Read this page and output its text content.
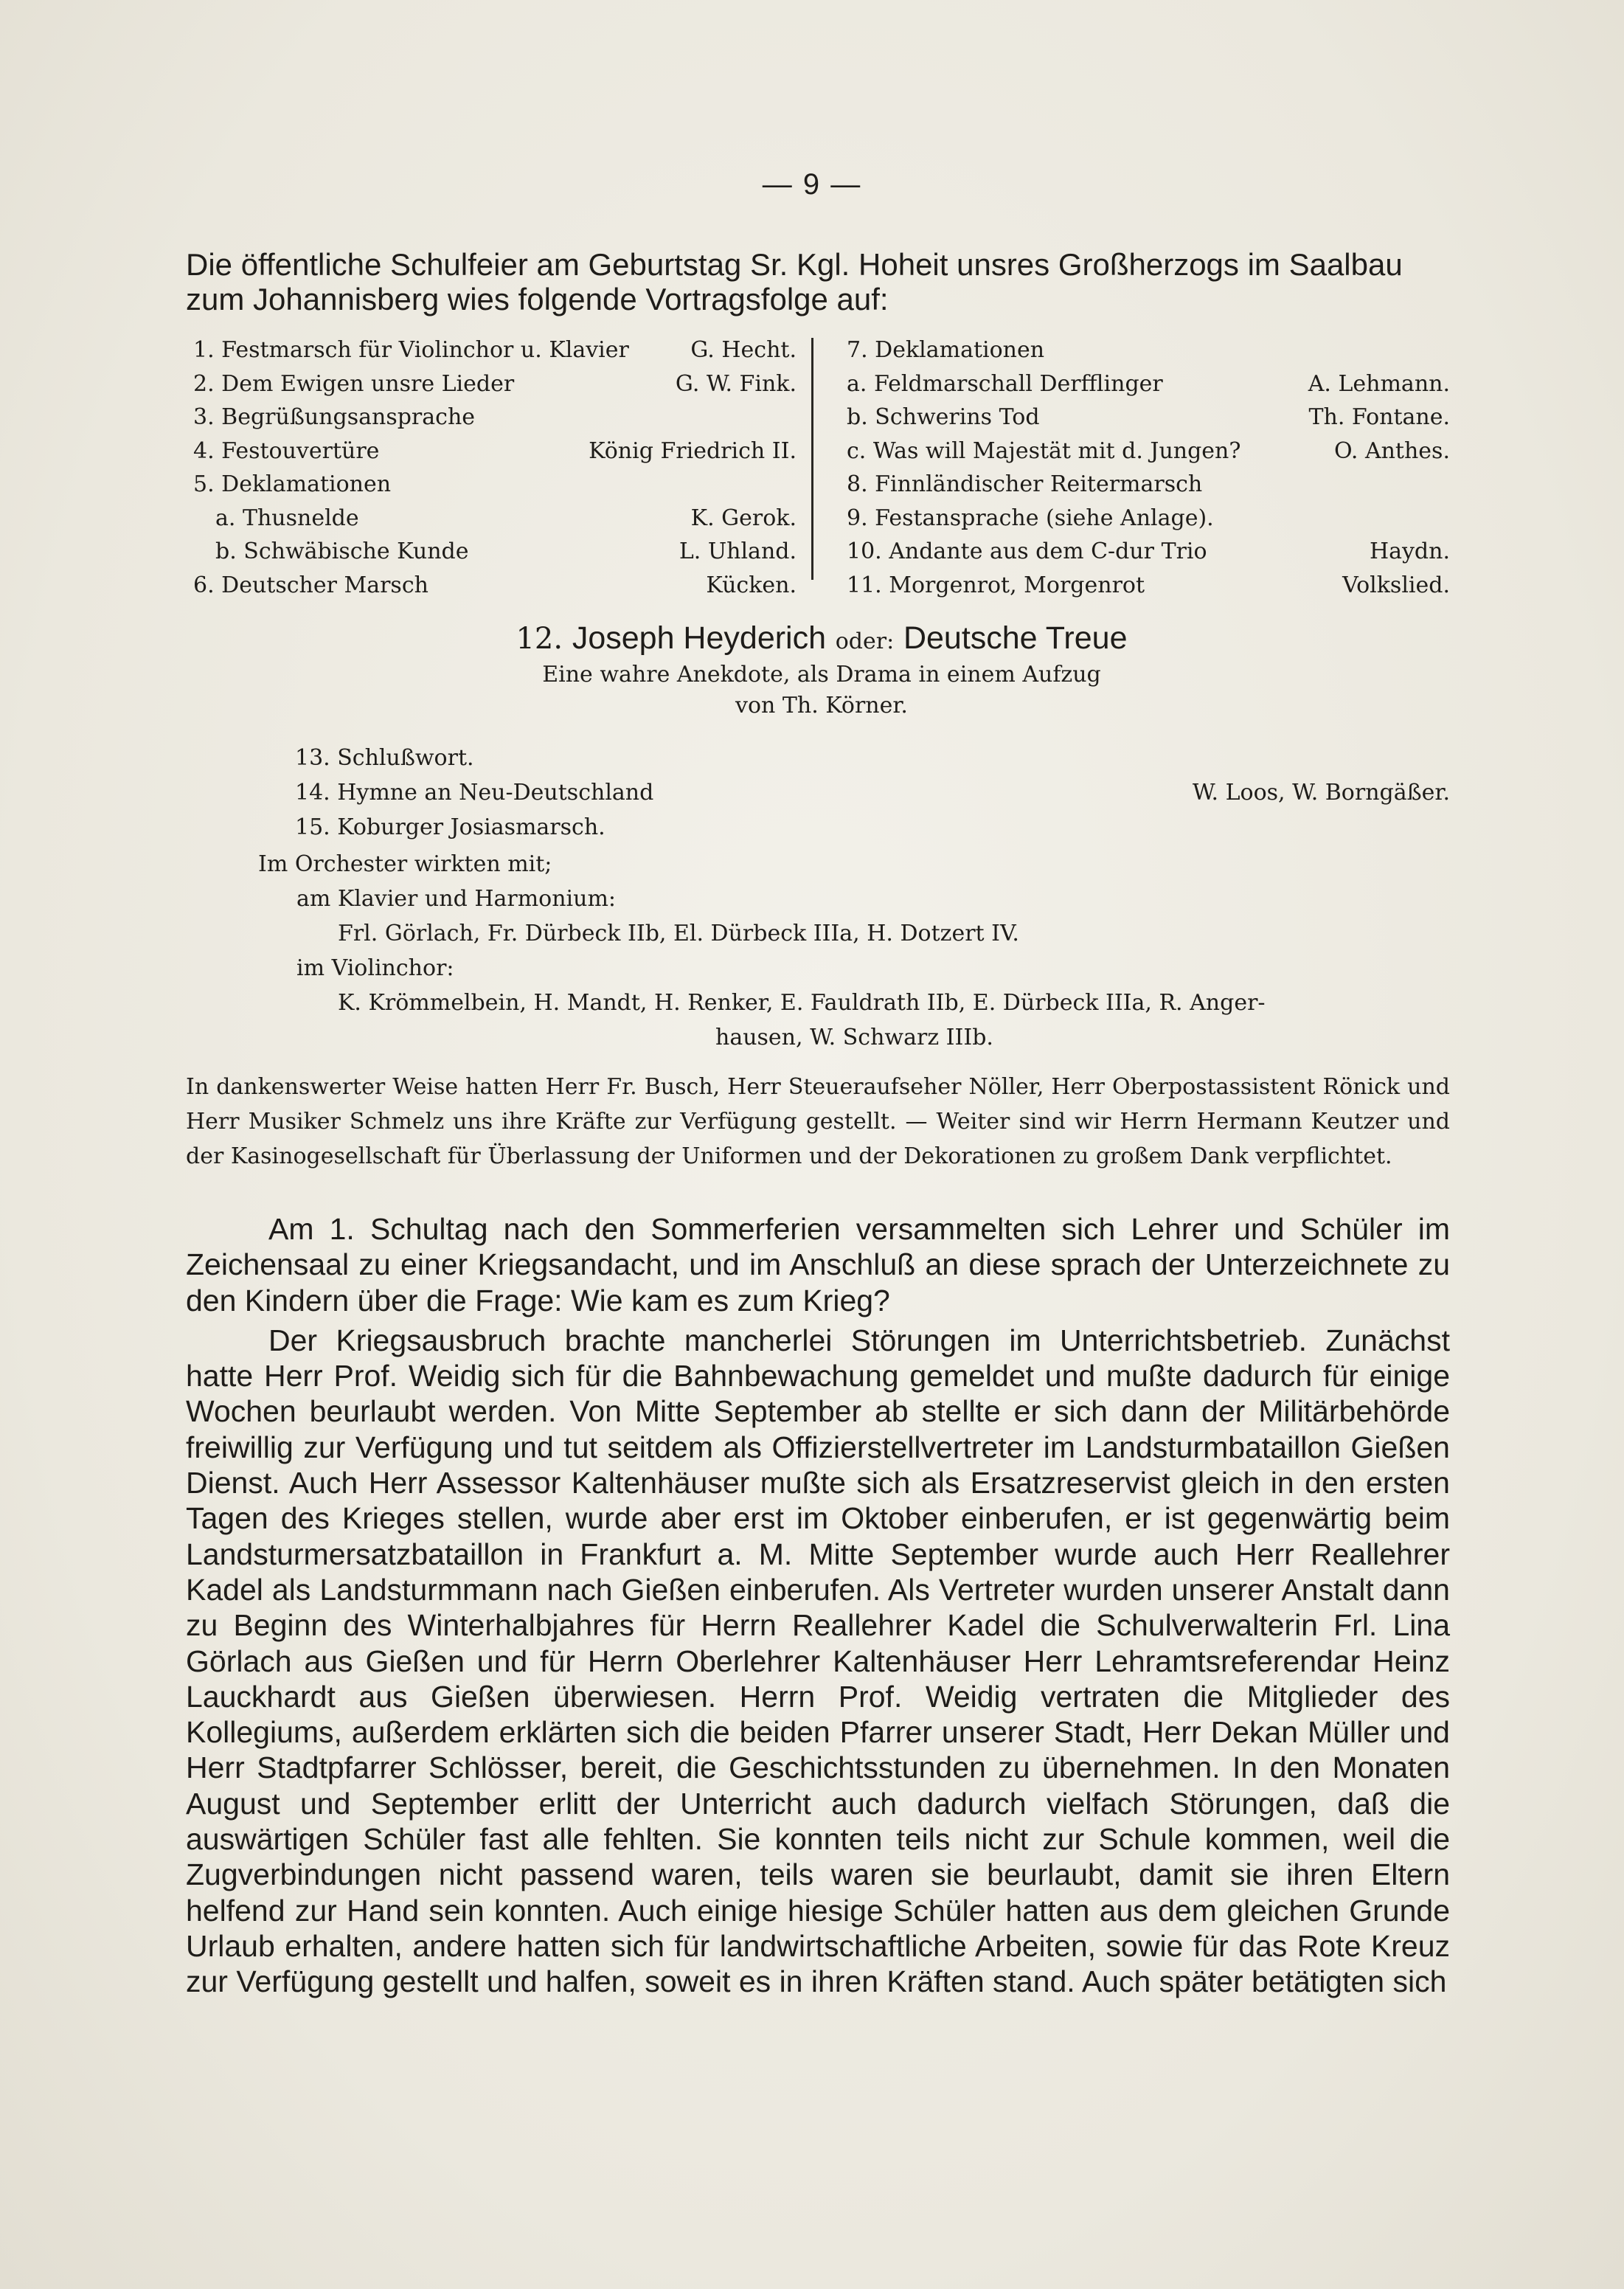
— 9 —
Die öffentliche Schulfeier am Geburtstag Sr. Kgl. Hoheit unsres Großherzogs im Saalbau zum Johannisberg wies folgende Vortragsfolge auf:
1. Festmarsch für Violinchor u. Klavier	G. Hecht.
2. Dem Ewigen unsre Lieder	G. W. Fink.
3. Begrüßungsansprache
4. Festouvertüre	König Friedrich II.
5. Deklamationen
a. Thusnelde	K. Gerok.
b. Schwäbische Kunde	L. Uhland.
6. Deutscher Marsch	Kücken.
7. Deklamationen
a. Feldmarschall Derfflinger	A. Lehmann.
b. Schwerins Tod	Th. Fontane.
c. Was will Majestät mit d. Jungen?	O. Anthes.
8. Finnländischer Reitermarsch
9. Festansprache (siehe Anlage).
10. Andante aus dem C-dur Trio	Haydn.
11. Morgenrot, Morgenrot	Volkslied.
12. Joseph Heyderich oder: Deutsche Treue
Eine wahre Anekdote, als Drama in einem Aufzug
von Th. Körner.
13. Schlußwort.
14. Hymne an Neu-Deutschland	W. Loos, W. Borngäßer.
15. Koburger Josiasmarsch.
Im Orchester wirkten mit;
am Klavier und Harmonium:
Frl. Görlach, Fr. Dürbeck IIb, El. Dürbeck IIIa, H. Dotzert IV.
im Violinchor:
K. Krömmelbein, H. Mandt, H. Renker, E. Fauldrath IIb, E. Dürbeck IIIa, R. Anger-
hausen, W. Schwarz IIIb.

In dankenswerter Weise hatten Herr Fr. Busch, Herr Steueraufseher Nöller, Herr Oberpostassistent Rönick und Herr Musiker Schmelz uns ihre Kräfte zur Verfügung gestellt. — Weiter sind wir Herrn Hermann Keutzer und der Kasinogesellschaft für Überlassung der Uniformen und der Dekorationen zu großem Dank verpflichtet.

Am 1. Schultag nach den Sommerferien versammelten sich Lehrer und Schüler im Zeichensaal zu einer Kriegsandacht, und im Anschluß an diese sprach der Unterzeichnete zu den Kindern über die Frage: Wie kam es zum Krieg?

Der Kriegsausbruch brachte mancherlei Störungen im Unterrichtsbetrieb. Zunächst hatte Herr Prof. Weidig sich für die Bahnbewachung gemeldet und mußte dadurch für einige Wochen beurlaubt werden. Von Mitte September ab stellte er sich dann der Militärbehörde freiwillig zur Verfügung und tut seitdem als Offizierstellvertreter im Landsturmbataillon Gießen Dienst. Auch Herr Assessor Kaltenhäuser mußte sich als Ersatzreservist gleich in den ersten Tagen des Krieges stellen, wurde aber erst im Oktober einberufen, er ist gegenwärtig beim Landsturmersatzbataillon in Frankfurt a. M. Mitte September wurde auch Herr Reallehrer Kadel als Landsturmmann nach Gießen einberufen. Als Vertreter wurden unserer Anstalt dann zu Beginn des Winterhalbjahres für Herrn Reallehrer Kadel die Schulverwalterin Frl. Lina Görlach aus Gießen und für Herrn Oberlehrer Kaltenhäuser Herr Lehramtsreferendar Heinz Lauckhardt aus Gießen überwiesen. Herrn Prof. Weidig vertraten die Mitglieder des Kollegiums, außerdem erklärten sich die beiden Pfarrer unserer Stadt, Herr Dekan Müller und Herr Stadtpfarrer Schlösser, bereit, die Geschichtsstunden zu übernehmen. In den Monaten August und September erlitt der Unterricht auch dadurch vielfach Störungen, daß die auswärtigen Schüler fast alle fehlten. Sie konnten teils nicht zur Schule kommen, weil die Zugverbindungen nicht passend waren, teils waren sie beurlaubt, damit sie ihren Eltern helfend zur Hand sein konnten. Auch einige hiesige Schüler hatten aus dem gleichen Grunde Urlaub erhalten, andere hatten sich für landwirtschaftliche Arbeiten, sowie für das Rote Kreuz zur Verfügung gestellt und halfen, soweit es in ihren Kräften stand. Auch später betätigten sich
